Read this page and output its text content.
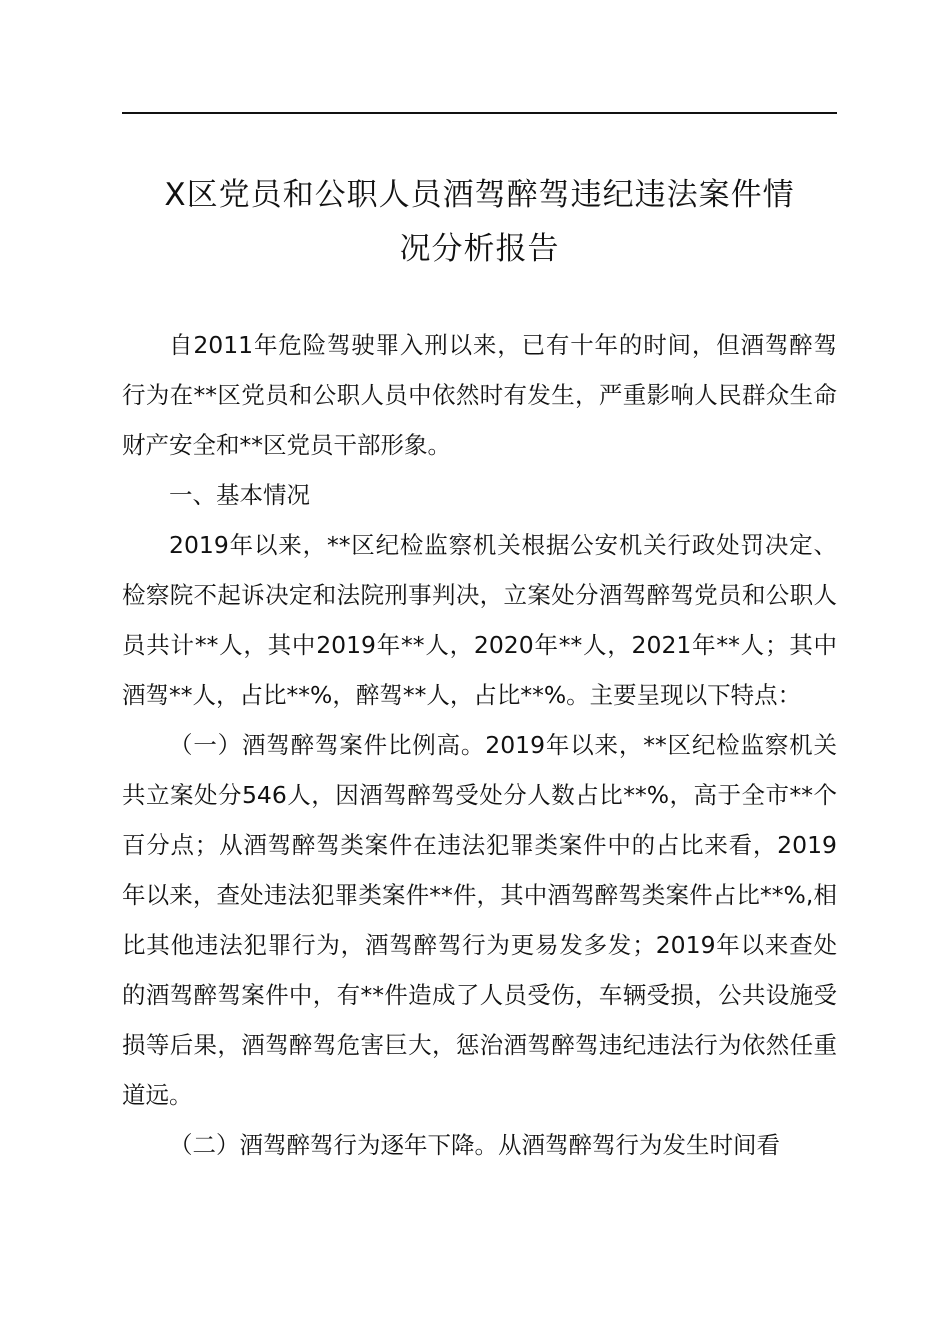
X区党员和公职人员酒驾醉驾违纪违法案件情
况分析报告

自2011年危险驾驶罪入刑以来，已有十年的时间，但酒驾醉驾行为在**区党员和公职人员中依然时有发生，严重影响人民群众生命财产安全和**区党员干部形象。

一、基本情况

2019年以来，**区纪检监察机关根据公安机关行政处罚决定、检察院不起诉决定和法院刑事判决，立案处分酒驾醉驾党员和公职人员共计**人，其中2019年**人，2020年**人，2021年**人；其中酒驾**人，占比**%，醉驾**人，占比**%。主要呈现以下特点：

（一）酒驾醉驾案件比例高。2019年以来，**区纪检监察机关共立案处分546人，因酒驾醉驾受处分人数占比**%，高于全市**个百分点；从酒驾醉驾类案件在违法犯罪类案件中的占比来看，2019年以来，查处违法犯罪类案件**件，其中酒驾醉驾类案件占比**%,相比其他违法犯罪行为，酒驾醉驾行为更易发多发；2019年以来查处的酒驾醉驾案件中，有**件造成了人员受伤，车辆受损，公共设施受损等后果，酒驾醉驾危害巨大，惩治酒驾醉驾违纪违法行为依然任重道远。

（二）酒驾醉驾行为逐年下降。从酒驾醉驾行为发生时间看
